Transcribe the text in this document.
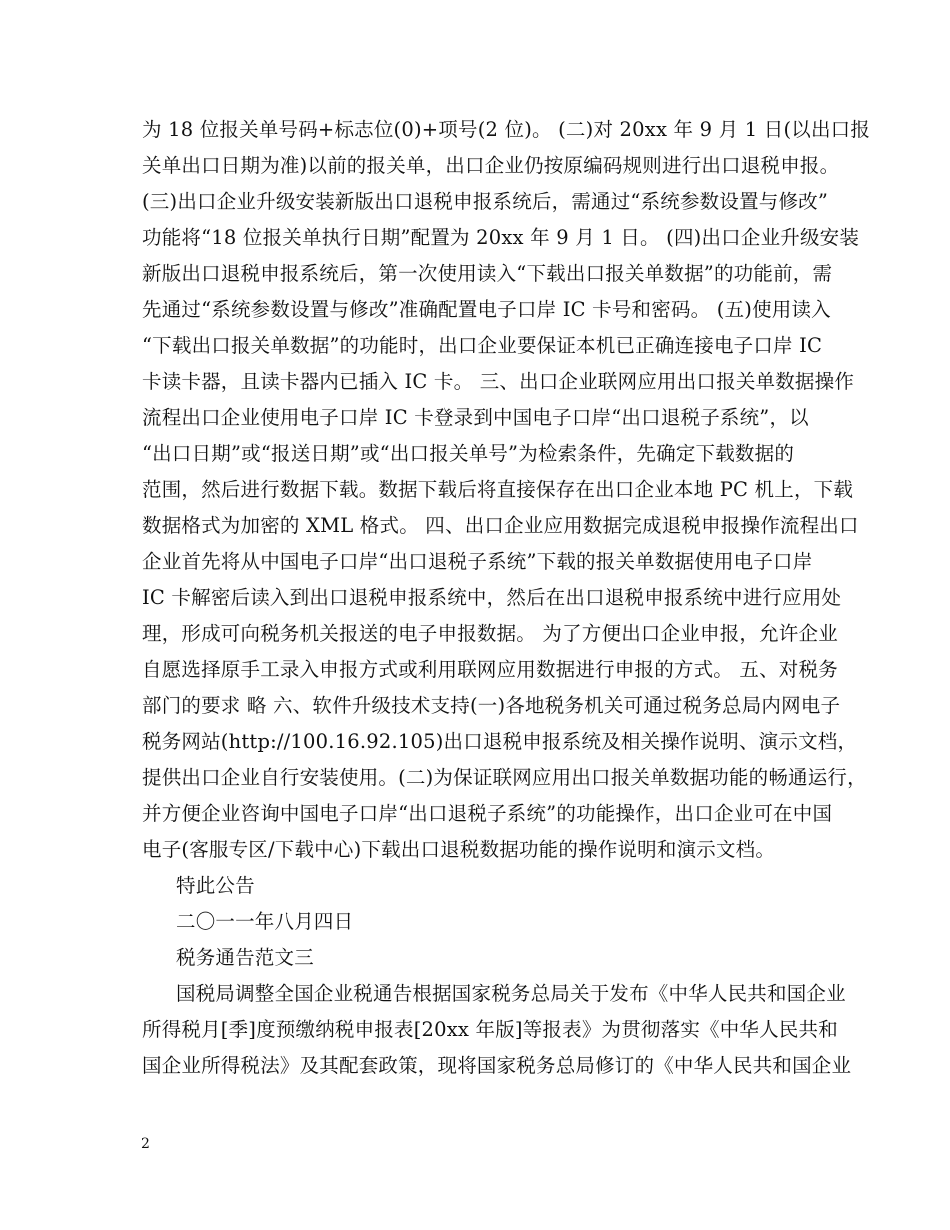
为 18 位报关单号码+标志位(0)+项号(2 位)。 (二)对 20xx 年 9 月 1 日(以出口报
关单出口日期为准)以前的报关单，出口企业仍按原编码规则进行出口退税申报。
(三)出口企业升级安装新版出口退税申报系统后，需通过“系统参数设置与修改”
功能将“18 位报关单执行日期”配置为 20xx 年 9 月 1 日。 (四)出口企业升级安装
新版出口退税申报系统后，第一次使用读入“下载出口报关单数据”的功能前，需
先通过“系统参数设置与修改”准确配置电子口岸 IC 卡号和密码。 (五)使用读入
“下载出口报关单数据”的功能时，出口企业要保证本机已正确连接电子口岸 IC
卡读卡器，且读卡器内已插入 IC 卡。 三、出口企业联网应用出口报关单数据操作
流程出口企业使用电子口岸 IC 卡登录到中国电子口岸“出口退税子系统”，以
“出口日期”或“报送日期”或“出口报关单号”为检索条件，先确定下载数据的
范围，然后进行数据下载。数据下载后将直接保存在出口企业本地 PC 机上，下载
数据格式为加密的 XML 格式。 四、出口企业应用数据完成退税申报操作流程出口
企业首先将从中国电子口岸“出口退税子系统”下载的报关单数据使用电子口岸
IC 卡解密后读入到出口退税申报系统中，然后在出口退税申报系统中进行应用处
理，形成可向税务机关报送的电子申报数据。 为了方便出口企业申报，允许企业
自愿选择原手工录入申报方式或利用联网应用数据进行申报的方式。 五、对税务
部门的要求 略 六、软件升级技术支持(一)各地税务机关可通过税务总局内网电子
税务网站(http://100.16.92.105)出口退税申报系统及相关操作说明、演示文档，
提供出口企业自行安装使用。(二)为保证联网应用出口报关单数据功能的畅通运行，
并方便企业咨询中国电子口岸“出口退税子系统”的功能操作，出口企业可在中国
电子(客服专区/下载中心)下载出口退税数据功能的操作说明和演示文档。
特此公告
二〇一一年八月四日
税务通告范文三
国税局调整全国企业税通告根据国家税务总局关于发布《中华人民共和国企业
所得税月[季]度预缴纳税申报表[20xx 年版]等报表》为贯彻落实《中华人民共和
国企业所得税法》及其配套政策，现将国家税务总局修订的《中华人民共和国企业
2
